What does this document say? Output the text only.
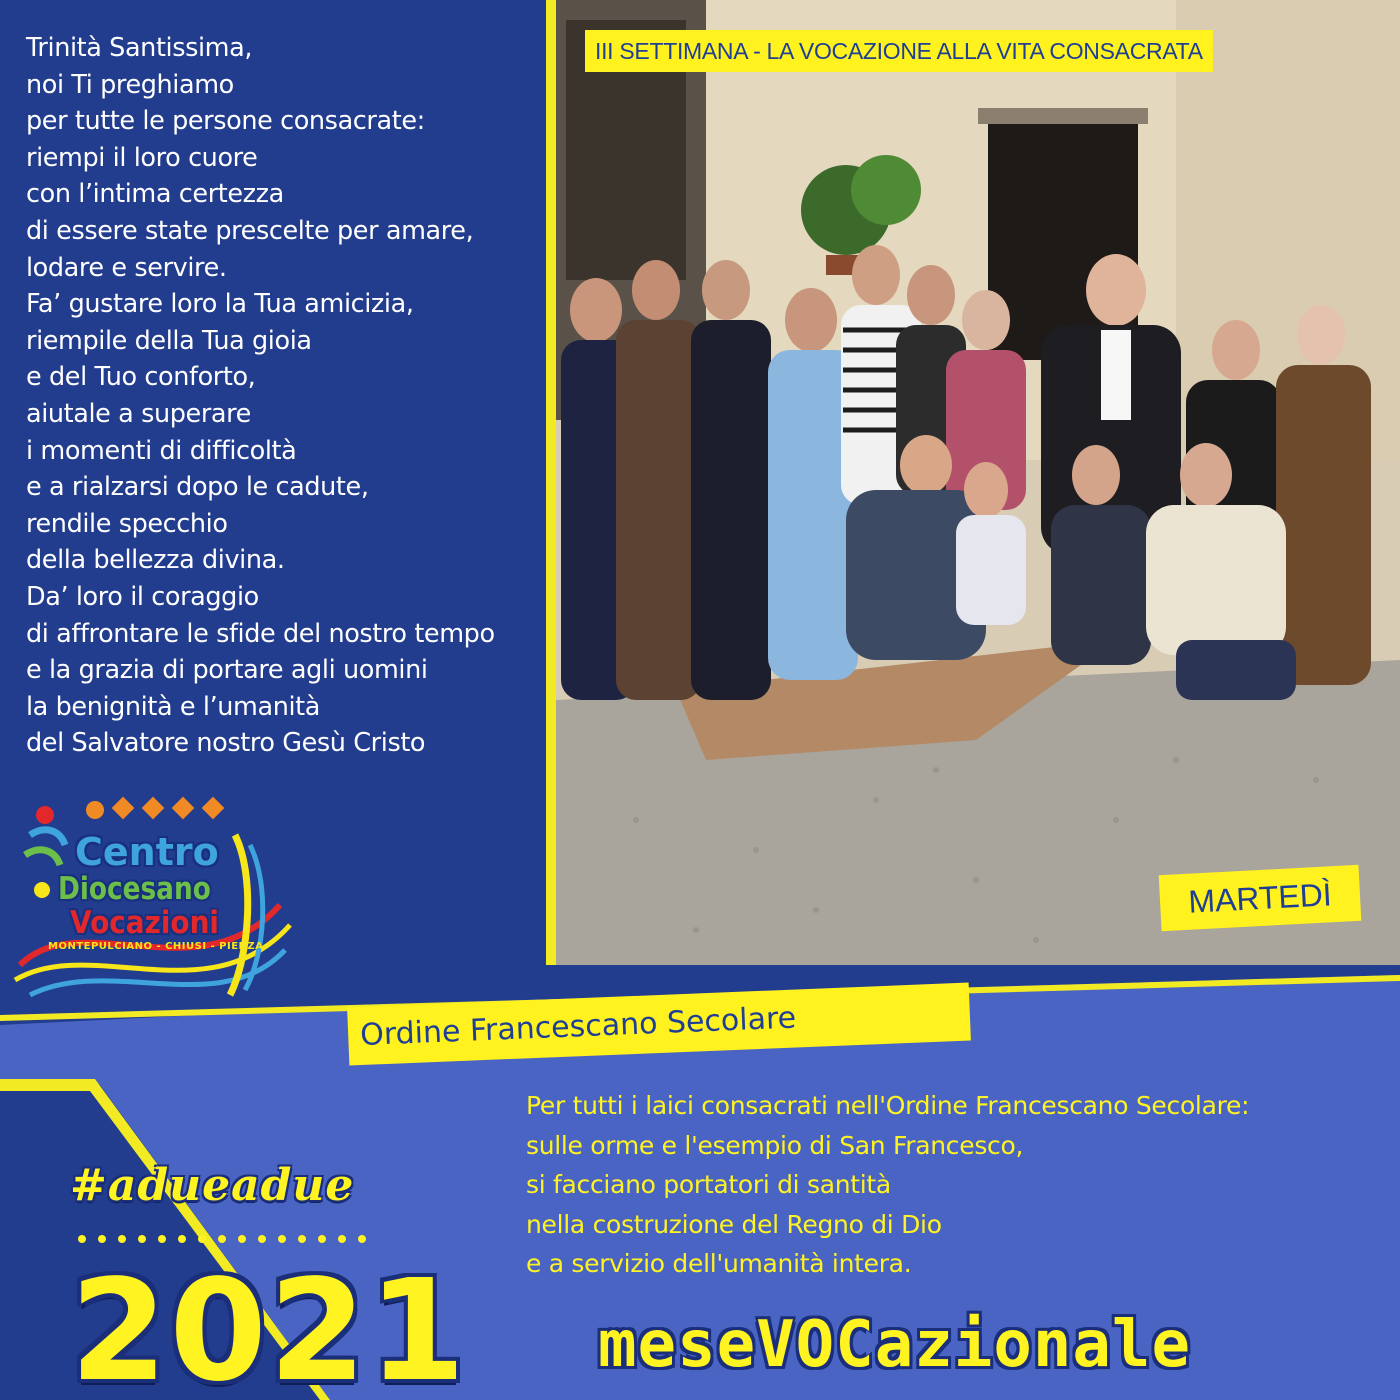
Trinità Santissima,
noi Ti preghiamo
per tutte le persone consacrate:
riempi il loro cuore
con l’intima certezza
di essere state prescelte per amare,
lodare e servire.
Fa’ gustare loro la Tua amicizia,
riempile della Tua gioia
e del Tuo conforto,
aiutale a superare
i momenti di difficoltà
e a rialzarsi dopo le cadute,
rendile specchio
della bellezza divina.
Da’ loro il coraggio
di affrontare le sfide del nostro tempo
e la grazia di portare agli uomini
la benignità e l’umanità
del Salvatore nostro Gesù Cristo
III SETTIMANA - LA VOCAZIONE ALLA VITA CONSACRATA
MARTEDÌ
Centro
Diocesano
Vocazioni
MONTEPULCIANO - CHIUSI - PIENZA
Ordine Francescano Secolare
Per tutti i laici consacrati nell'Ordine Francescano Secolare:
sulle orme e l'esempio di San Francesco,
si facciano portatori di santità
nella costruzione del Regno di Dio
e a servizio dell'umanità intera.
#adueadue
2021 meseVOCazionale
